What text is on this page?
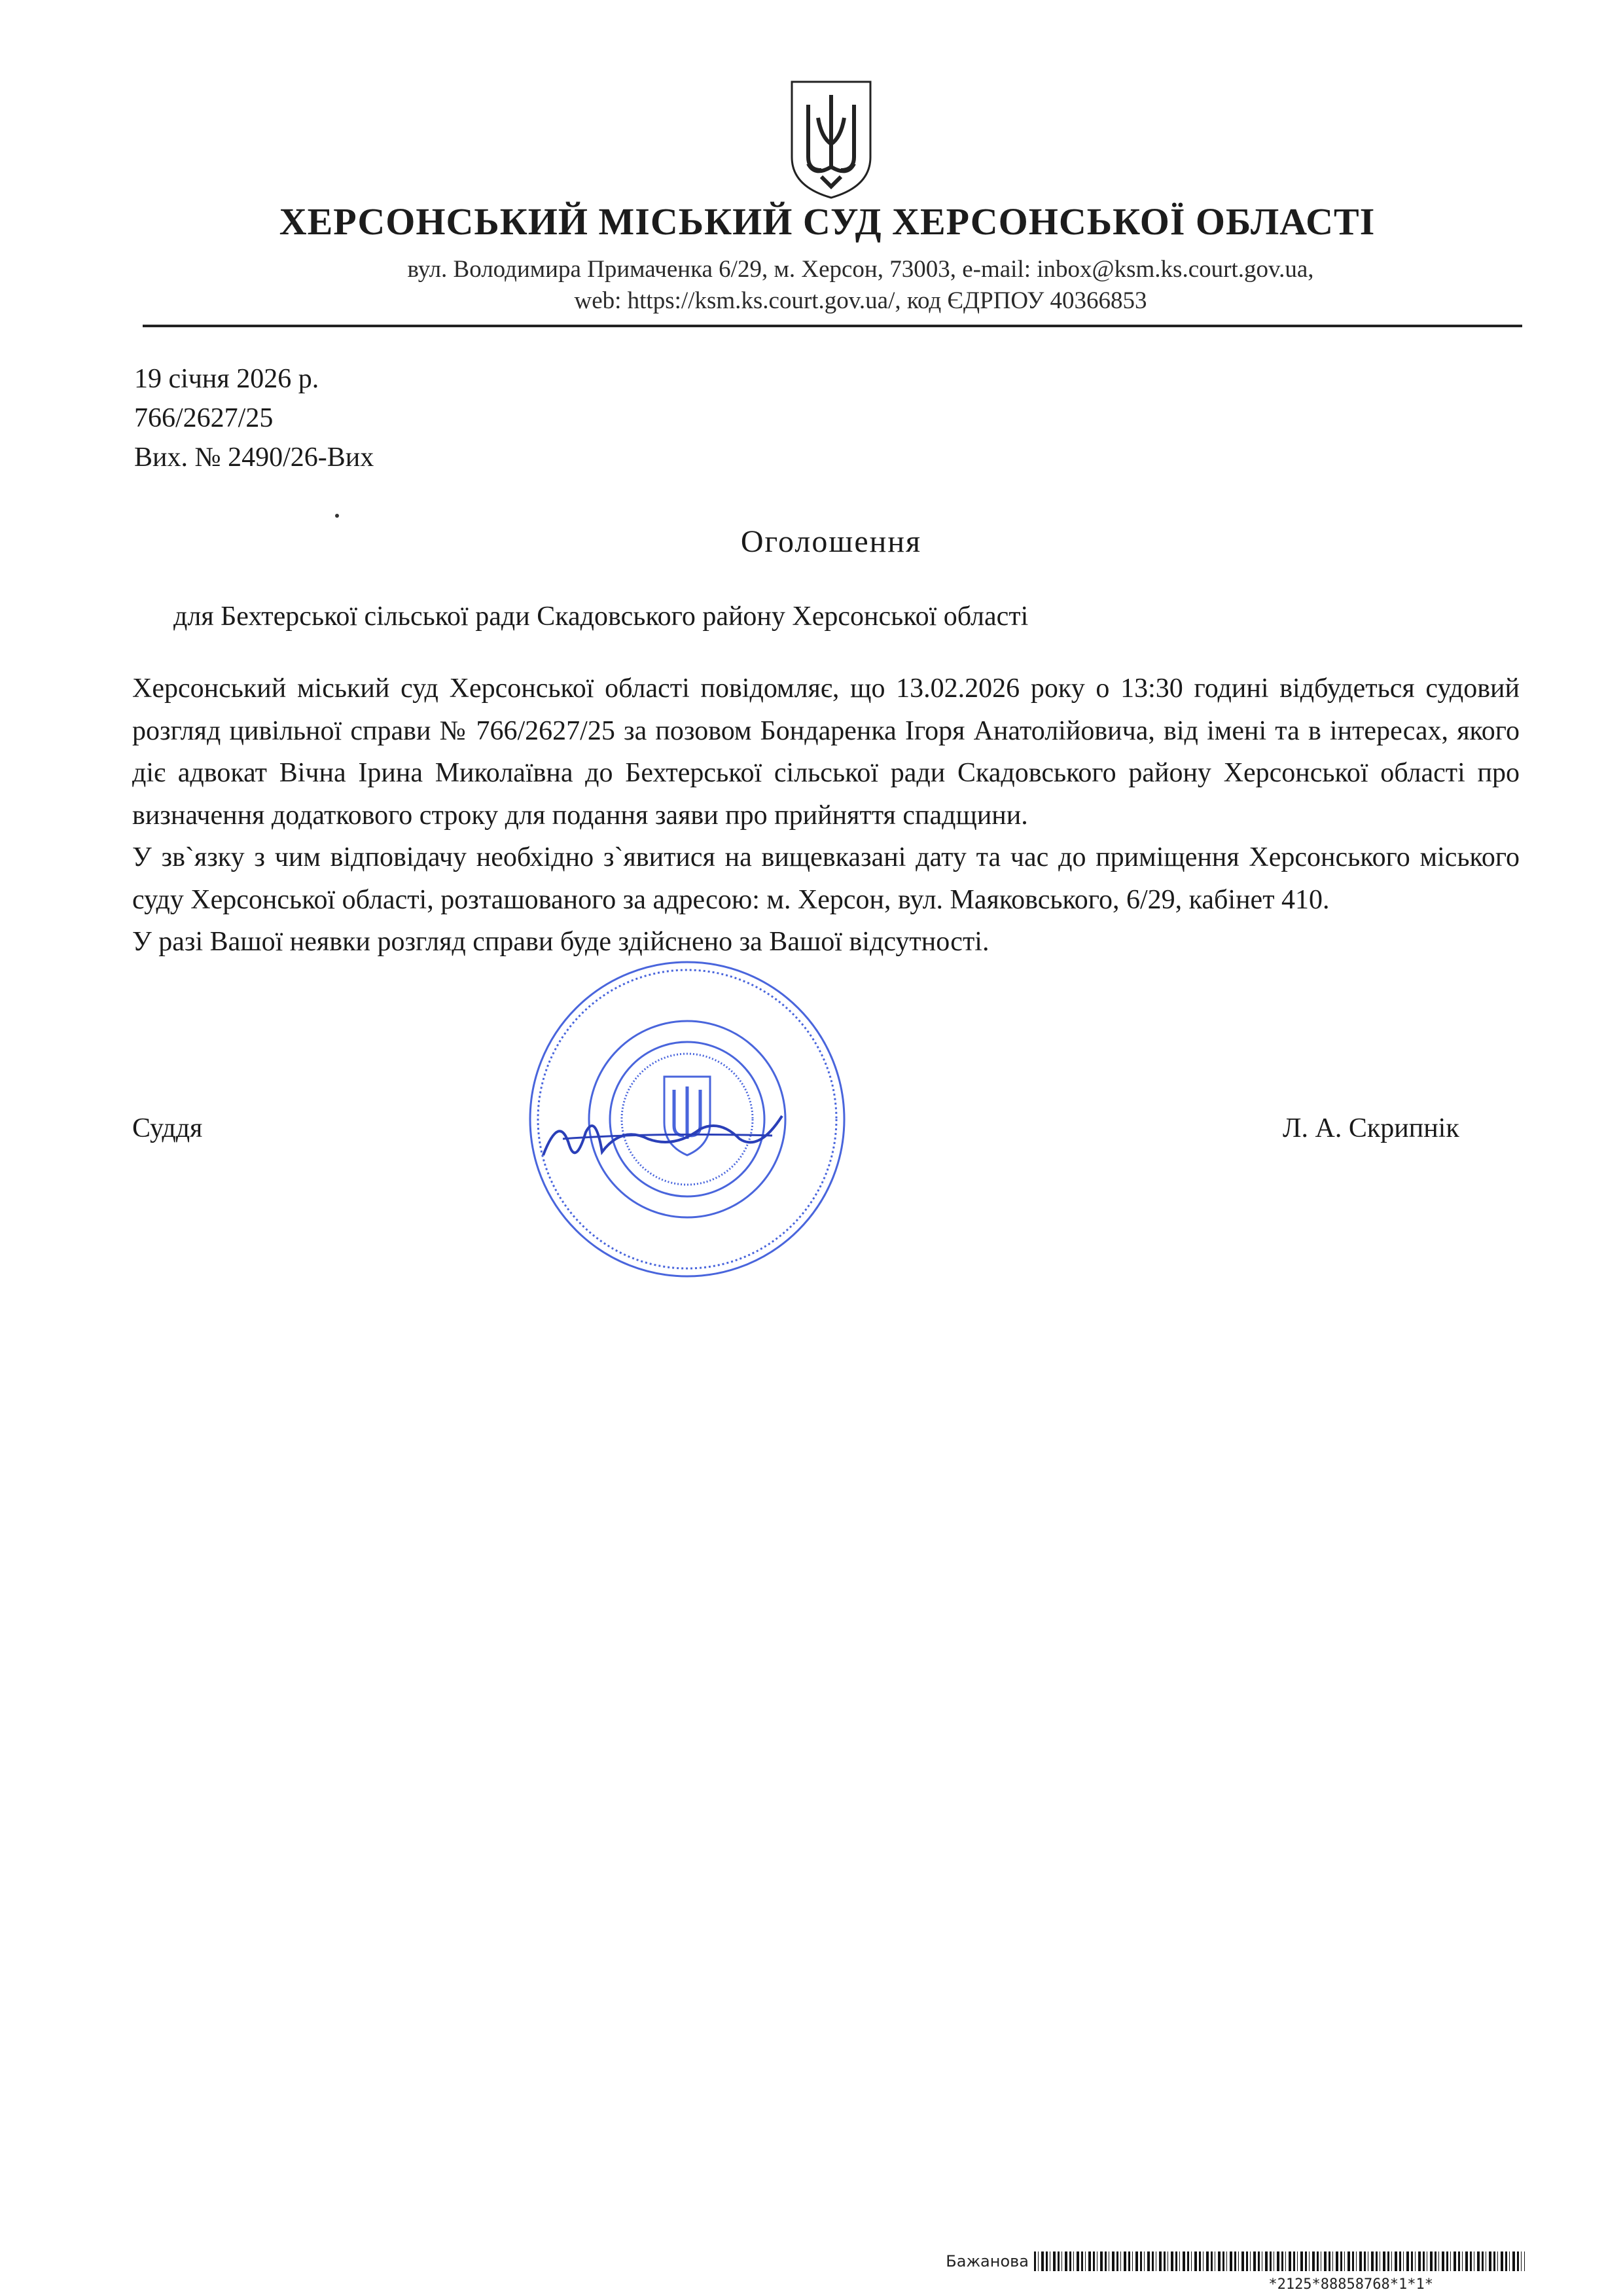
ХЕРСОНСЬКИЙ МІСЬКИЙ СУД ХЕРСОНСЬКОЇ ОБЛАСТІ
вул. Володимира Примаченка 6/29, м. Херсон, 73003, e-mail: inbox@ksm.ks.court.gov.ua,
web: https://ksm.ks.court.gov.ua/, код ЄДРПОУ 40366853
19 січня 2026 р.
766/2627/25
Вих. № 2490/26-Вих
Оголошення
для Бехтерської сільської ради Скадовського району Херсонської області

Херсонський міський суд Херсонської області повідомляє, що 13.02.2026 року о 13:30 годині відбудеться судовий розгляд цивільної справи № 766/2627/25 за позовом Бондаренка Ігоря Анатолійовича, від імені та в інтересах, якого діє адвокат Вічна Ірина Миколаївна до Бехтерської сільської ради Скадовського району Херсонської області про визначення додаткового строку для подання заяви про прийняття спадщини.

У зв`язку з чим відповідачу необхідно з`явитися на вищевказані дату та час до приміщення Херсонського міського суду Херсонської області, розташованого за адресою: м. Херсон, вул. Маяковського, 6/29, кабінет 410.

У разі Вашої неявки розгляд справи буде здійснено за Вашої відсутності.

Суддя	Л. А. Скрипнік
Бажанова
*2125*88858768*1*1*
